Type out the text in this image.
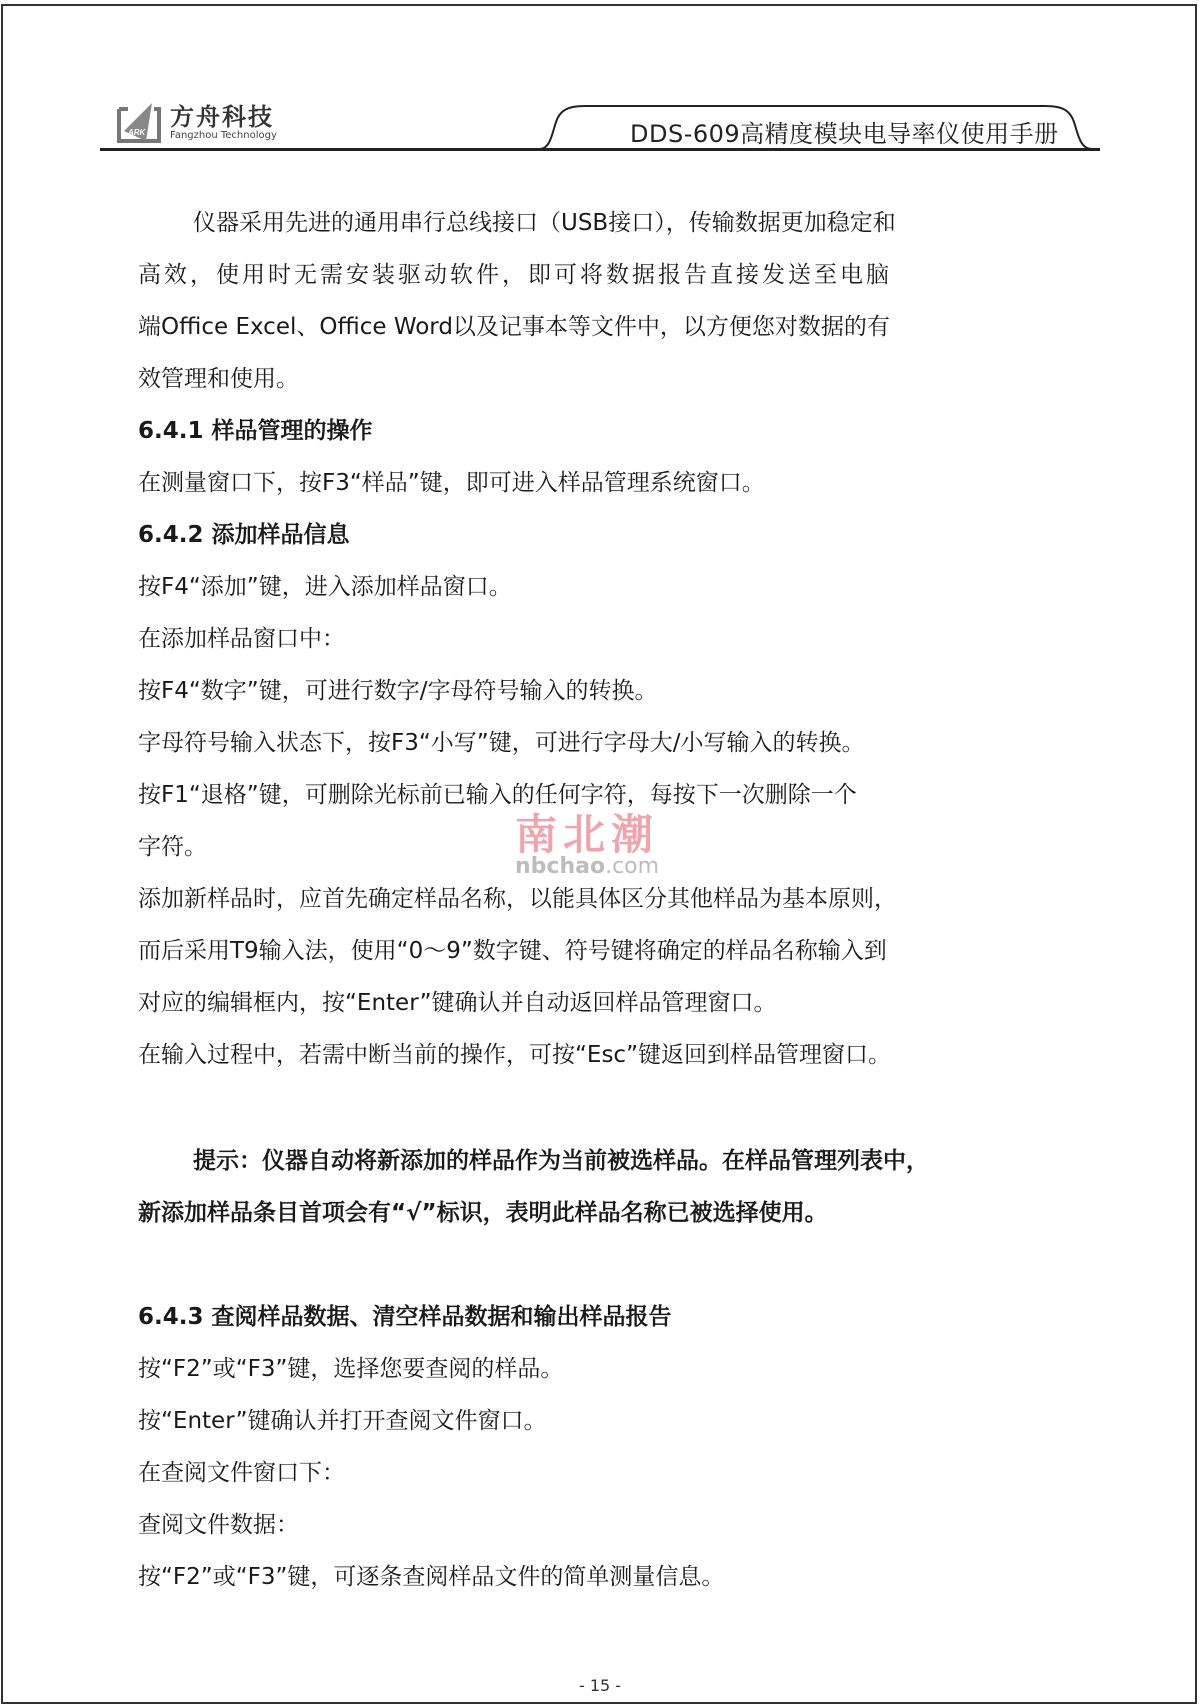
ARK
方舟科技
Fangzhou Technology	DDS-609高精度模块电导率仪使用手册
仪器采用先进的通用串行总线接口（USB接口），传输数据更加稳定和
高效，使用时无需安装驱动软件，即可将数据报告直接发送至电脑
端Office Excel、Office Word以及记事本等文件中，以方便您对数据的有
效管理和使用。
6.4.1 样品管理的操作
在测量窗口下，按F3“样品”键，即可进入样品管理系统窗口。
6.4.2 添加样品信息
按F4“添加”键，进入添加样品窗口。
在添加样品窗口中：
按F4“数字”键，可进行数字/字母符号输入的转换。
字母符号输入状态下，按F3“小写”键，可进行字母大/小写输入的转换。
按F1“退格”键，可删除光标前已输入的任何字符，每按下一次删除一个
字符。
添加新样品时，应首先确定样品名称，以能具体区分其他样品为基本原则，
而后采用T9输入法，使用“0～9”数字键、符号键将确定的样品名称输入到
对应的编辑框内，按“Enter”键确认并自动返回样品管理窗口。
在输入过程中，若需中断当前的操作，可按“Esc”键返回到样品管理窗口。
提示：仪器自动将新添加的样品作为当前被选样品。在样品管理列表中，
新添加样品条目首项会有“√”标识，表明此样品名称已被选择使用。
6.4.3 查阅样品数据、清空样品数据和输出样品报告
按“F2”或“F3”键，选择您要查阅的样品。
按“Enter”键确认并打开查阅文件窗口。
在查阅文件窗口下：
查阅文件数据：
按“F2”或“F3”键，可逐条查阅样品文件的简单测量信息。
南北潮
nbchao.com
- 15 -
